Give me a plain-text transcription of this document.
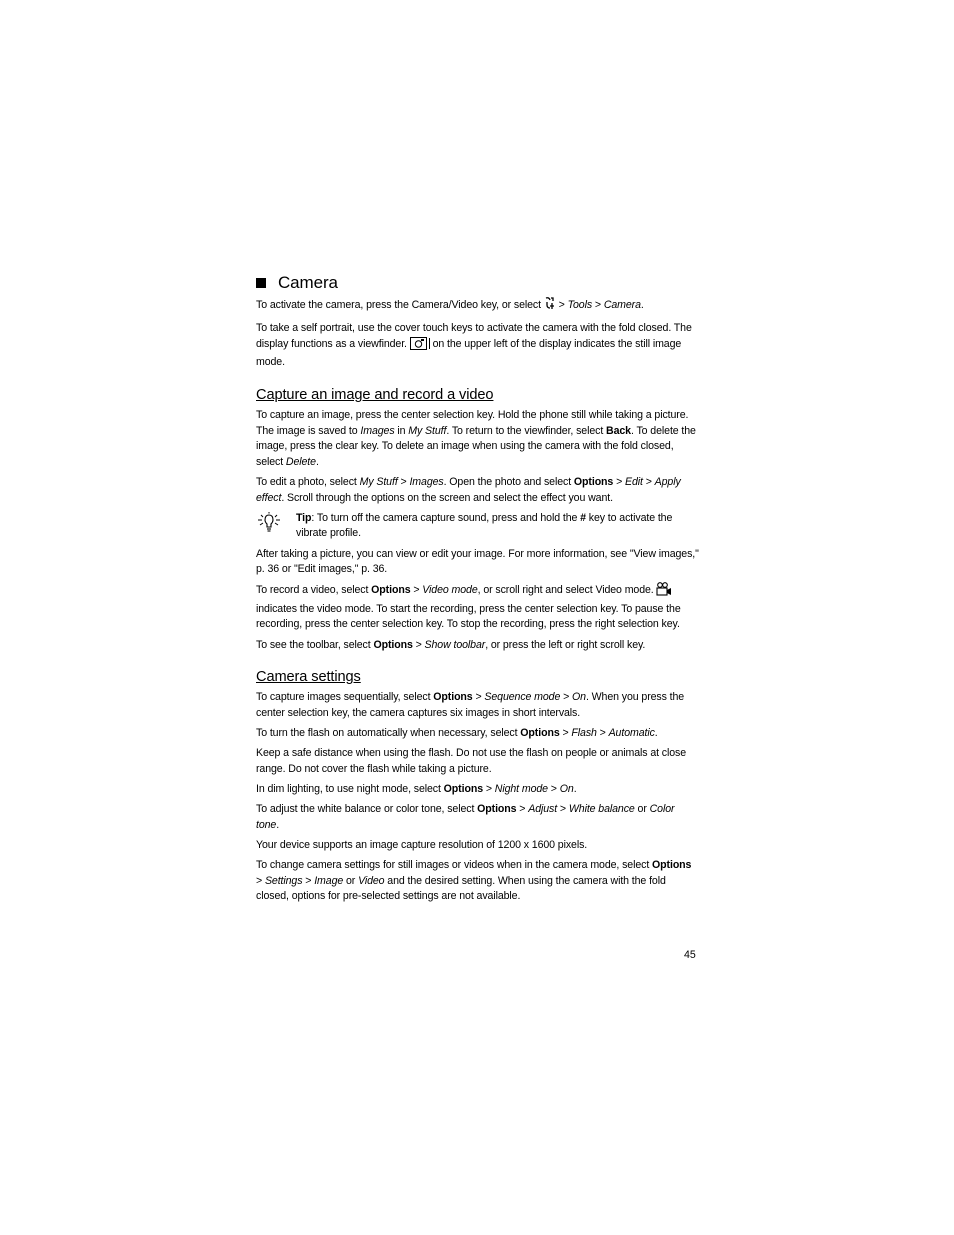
Camera

To activate the camera, press the Camera/Video key, or select  > Tools > Camera.

To take a self portrait, use the cover touch keys to activate the camera with the fold closed. The display functions as a viewfinder.  on the upper left of the display indicates the still image mode.

Capture an image and record a video

To capture an image, press the center selection key. Hold the phone still while taking a picture. The image is saved to Images in My Stuff. To return to the viewfinder, select Back. To delete the image, press the clear key. To delete an image when using the camera with the fold closed, select Delete.

To edit a photo, select My Stuff > Images. Open the photo and select Options > Edit > Apply effect. Scroll through the options on the screen and select the effect you want.

Tip: To turn off the camera capture sound, press and hold the # key to activate the vibrate profile.

After taking a picture, you can view or edit your image. For more information, see "View images," p. 36 or "Edit images," p. 36.

To record a video, select Options > Video mode, or scroll right and select Video mode.  indicates the video mode. To start the recording, press the center selection key. To pause the recording, press the center selection key. To stop the recording, press the right selection key.

To see the toolbar, select Options > Show toolbar, or press the left or right scroll key.

Camera settings

To capture images sequentially, select Options > Sequence mode > On. When you press the center selection key, the camera captures six images in short intervals.

To turn the flash on automatically when necessary, select Options > Flash > Automatic.

Keep a safe distance when using the flash. Do not use the flash on people or animals at close range. Do not cover the flash while taking a picture.

In dim lighting, to use night mode, select Options > Night mode > On.

To adjust the white balance or color tone, select Options > Adjust > White balance or Color tone.

Your device supports an image capture resolution of 1200 x 1600 pixels.

To change camera settings for still images or videos when in the camera mode, select Options > Settings > Image or Video and the desired setting. When using the camera with the fold closed, options for pre-selected settings are not available.

45
